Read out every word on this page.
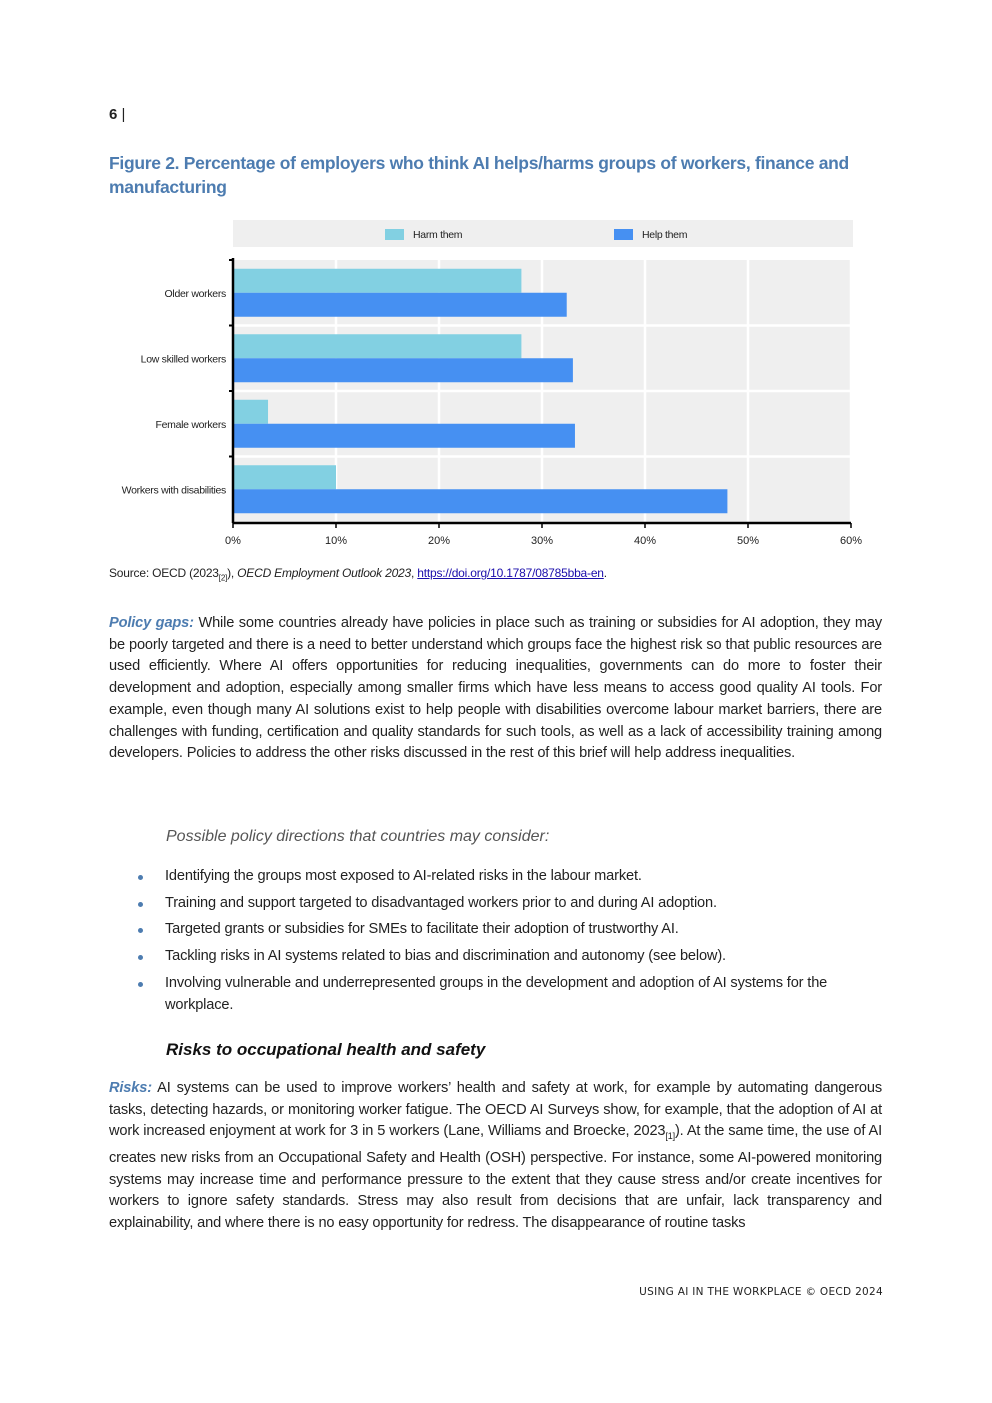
6 |
Figure 2. Percentage of employers who think AI helps/harms groups of workers, finance and manufacturing
Harm them	Help them
Older workers
Low skilled workers
Female workers
Workers with disabilities
0%	10%	20%	30%	40%	50%	60%
Source: OECD $(2023_{[2]})$, OECD Employment Outlook 2023, https://doi.org/10.1787/08785bba-en.
Policy gaps: While some countries already have policies in place such as training or subsidies for AI adoption, they may be poorly targeted and there is a need to better understand which groups face the highest risk so that public resources are used efficiently. Where AI offers opportunities for reducing inequalities, governments can do more to foster their development and adoption, especially among smaller firms which have less means to access good quality AI tools. For example, even though many AI solutions exist to help people with disabilities overcome labour market barriers, there are challenges with funding, certification and quality standards for such tools, as well as a lack of accessibility training among developers. Policies to address the other risks discussed in the rest of this brief will help address inequalities.
Possible policy directions that countries may consider:
Identifying the groups most exposed to AI-related risks in the labour market.
Training and support targeted to disadvantaged workers prior to and during AI adoption.
Targeted grants or subsidies for SMEs to facilitate their adoption of trustworthy AI.
Tackling risks in AI systems related to bias and discrimination and autonomy (see below).
Involving vulnerable and underrepresented groups in the development and adoption of AI systems for the workplace.
Risks to occupational health and safety
Risks: AI systems can be used to improve workers’ health and safety at work, for example by automating dangerous tasks, detecting hazards, or monitoring worker fatigue. The OECD AI Surveys show, for example, that the adoption of AI at work increased enjoyment at work for 3 in 5 workers (Lane, Williams and Broecke, $2023_{[1]}$). At the same time, the use of AI creates new risks from an Occupational Safety and Health (OSH) perspective. For instance, some AI-powered monitoring systems may increase time and performance pressure to the extent that they cause stress and/or create incentives for workers to ignore safety standards. Stress may also result from decisions that are unfair, lack transparency and explainability, and where there is no easy opportunity for redress. The disappearance of routine tasks
USING AI IN THE WORKPLACE © OECD 2024
